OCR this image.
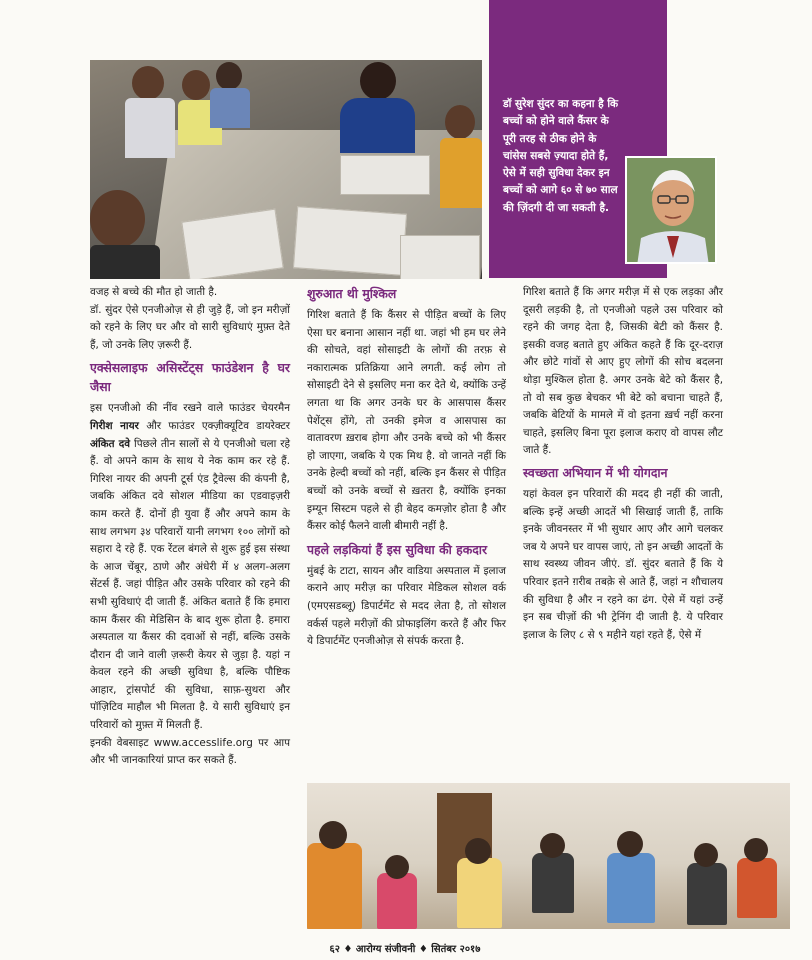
डॉ सुरेश सुंदर का कहना है कि बच्चों को होने वाले कैंसर के पूरी तरह से ठीक होने के चांसेस सबसे ज़्यादा होते हैं, ऐसे में सही सुविधा देकर इन बच्चों को आगे ६० से ७० साल की ज़िंदगी दी जा सकती है.
वजह से बच्चे की मौत हो जाती है.
डॉ. सुंदर ऐसे एनजीओज़ से ही जुड़े हैं, जो इन मरीज़ों को रहने के लिए घर और वो सारी सुविधाएं मुफ़्त देते हैं, जो उनके लिए ज़रूरी हैं.
एक्सेसलाइफ असिस्टेंट्स फाउंडेशन है घर जैसा
इस एनजीओ की नींव रखने वाले फाउंडर चेयरमैन गिरीश नायर और फाउंडर एक्ज़ीक्यूटिव डायरेक्टर अंकित दवे पिछले तीन सालों से ये एनजीओ चला रहे हैं. वो अपने काम के साथ ये नेक काम कर रहे हैं. गिरिश नायर की अपनी टूर्स एंड ट्रैवेल्स की कंपनी है, जबकि अंकित दवे सोशल मीडिया का एडवाइज़री काम करते हैं. दोनों ही युवा हैं और अपने काम के साथ लगभग ३४ परिवारों यानी लगभग १०० लोगों को सहारा दे रहे हैं. एक रेंटल बंगले से शुरू हुई इस संस्था के आज चेंबूर, ठाणे और अंधेरी में ४ अलग-अलग सेंटर्स हैं. जहां पीड़ित और उसके परिवार को रहने की सभी सुविधाएं दी जाती हैं. अंकित बताते हैं कि हमारा काम कैंसर की मेडिसिन के बाद शुरू होता है. हमारा अस्पताल या कैंसर की दवाओं से नहीं, बल्कि उसके दौरान दी जाने वाली ज़रूरी केयर से जुड़ा है. यहां न केवल रहने की अच्छी सुविधा है, बल्कि पौष्टिक आहार, ट्रांसपोर्ट की सुविधा, साफ़-सुथरा और पॉज़िटिव माहौल भी मिलता है. ये सारी सुविधाएं इन परिवारों को मुफ़्त में मिलती हैं.
इनकी वेबसाइट www.accesslife.org पर आप और भी जानकारियां प्राप्त कर सकते हैं.
शुरुआत थी मुश्किल
गिरिश बताते हैं कि कैंसर से पीड़ित बच्चों के लिए ऐसा घर बनाना आसान नहीं था. जहां भी हम घर लेने की सोचते, वहां सोसाइटी के लोगों की तरफ़ से नकारात्मक प्रतिक्रिया आने लगती. कई लोग तो सोसाइटी देने से इसलिए मना कर देते थे, क्योंकि उन्हें लगता था कि अगर उनके घर के आसपास कैंसर पेशेंट्स होंगे, तो उनकी इमेज व आसपास का वातावरण ख़राब होगा और उनके बच्चे को भी कैंसर हो जाएगा, जबकि ये एक मिथ है. वो जानते नहीं कि उनके हेल्दी बच्चों को नहीं, बल्कि इन कैंसर से पीड़ित बच्चों को उनके बच्चों से ख़तरा है, क्योंकि इनका इम्यून सिस्टम पहले से ही बेहद कमज़ोर होता है और कैंसर कोई फैलने वाली बीमारी नहीं है.
पहले लड़कियां हैं इस सुविधा की हकदार
मुंबई के टाटा, सायन और वाडिया अस्पताल में इलाज कराने आए मरीज़ का परिवार मेडिकल सोशल वर्क (एमएसडब्लू) डिपार्टमेंट से मदद लेता है, तो सोशल वर्कर्स पहले मरीज़ों की प्रोफाइलिंग करते हैं और फिर ये डिपार्टमेंट एनजीओज़ से संपर्क करता है.
गिरिश बताते हैं कि अगर मरीज़ में से एक लड़का और दूसरी लड़की है, तो एनजीओ पहले उस परिवार को रहने की जगह देता है, जिसकी बेटी को कैंसर है. इसकी वजह बताते हुए अंकित कहते हैं कि दूर-दराज़ और छोटे गांवों से आए हुए लोगों की सोच बदलना थोड़ा मुश्किल होता है. अगर उनके बेटे को कैंसर है, तो वो सब कुछ बेचकर भी बेटे को बचाना चाहते हैं, जबकि बेटियों के मामले में वो इतना ख़र्च नहीं करना चाहते, इसलिए बिना पूरा इलाज कराए वो वापस लौट जाते हैं.
स्वच्छता अभियान में भी योगदान
यहां केवल इन परिवारों की मदद ही नहीं की जाती, बल्कि इन्हें अच्छी आदतें भी सिखाई जाती हैं, ताकि इनके जीवनस्तर में भी सुधार आए और आगे चलकर जब ये अपने घर वापस जाएं, तो इन अच्छी आदतों के साथ स्वस्थ्य जीवन जीएं. डॉ. सुंदर बताते हैं कि ये परिवार इतने ग़रीब तबक़े से आते हैं, जहां न शौचालय की सुविधा है और न रहने का ढंग. ऐसे में यहां उन्हें इन सब चीज़ों की भी ट्रेनिंग दी जाती है. ये परिवार इलाज के लिए ८ से ९ महीने यहां रहते हैं, ऐसे में
६२ ♦ आरोग्य संजीवनी ♦ सितंबर २०१७
